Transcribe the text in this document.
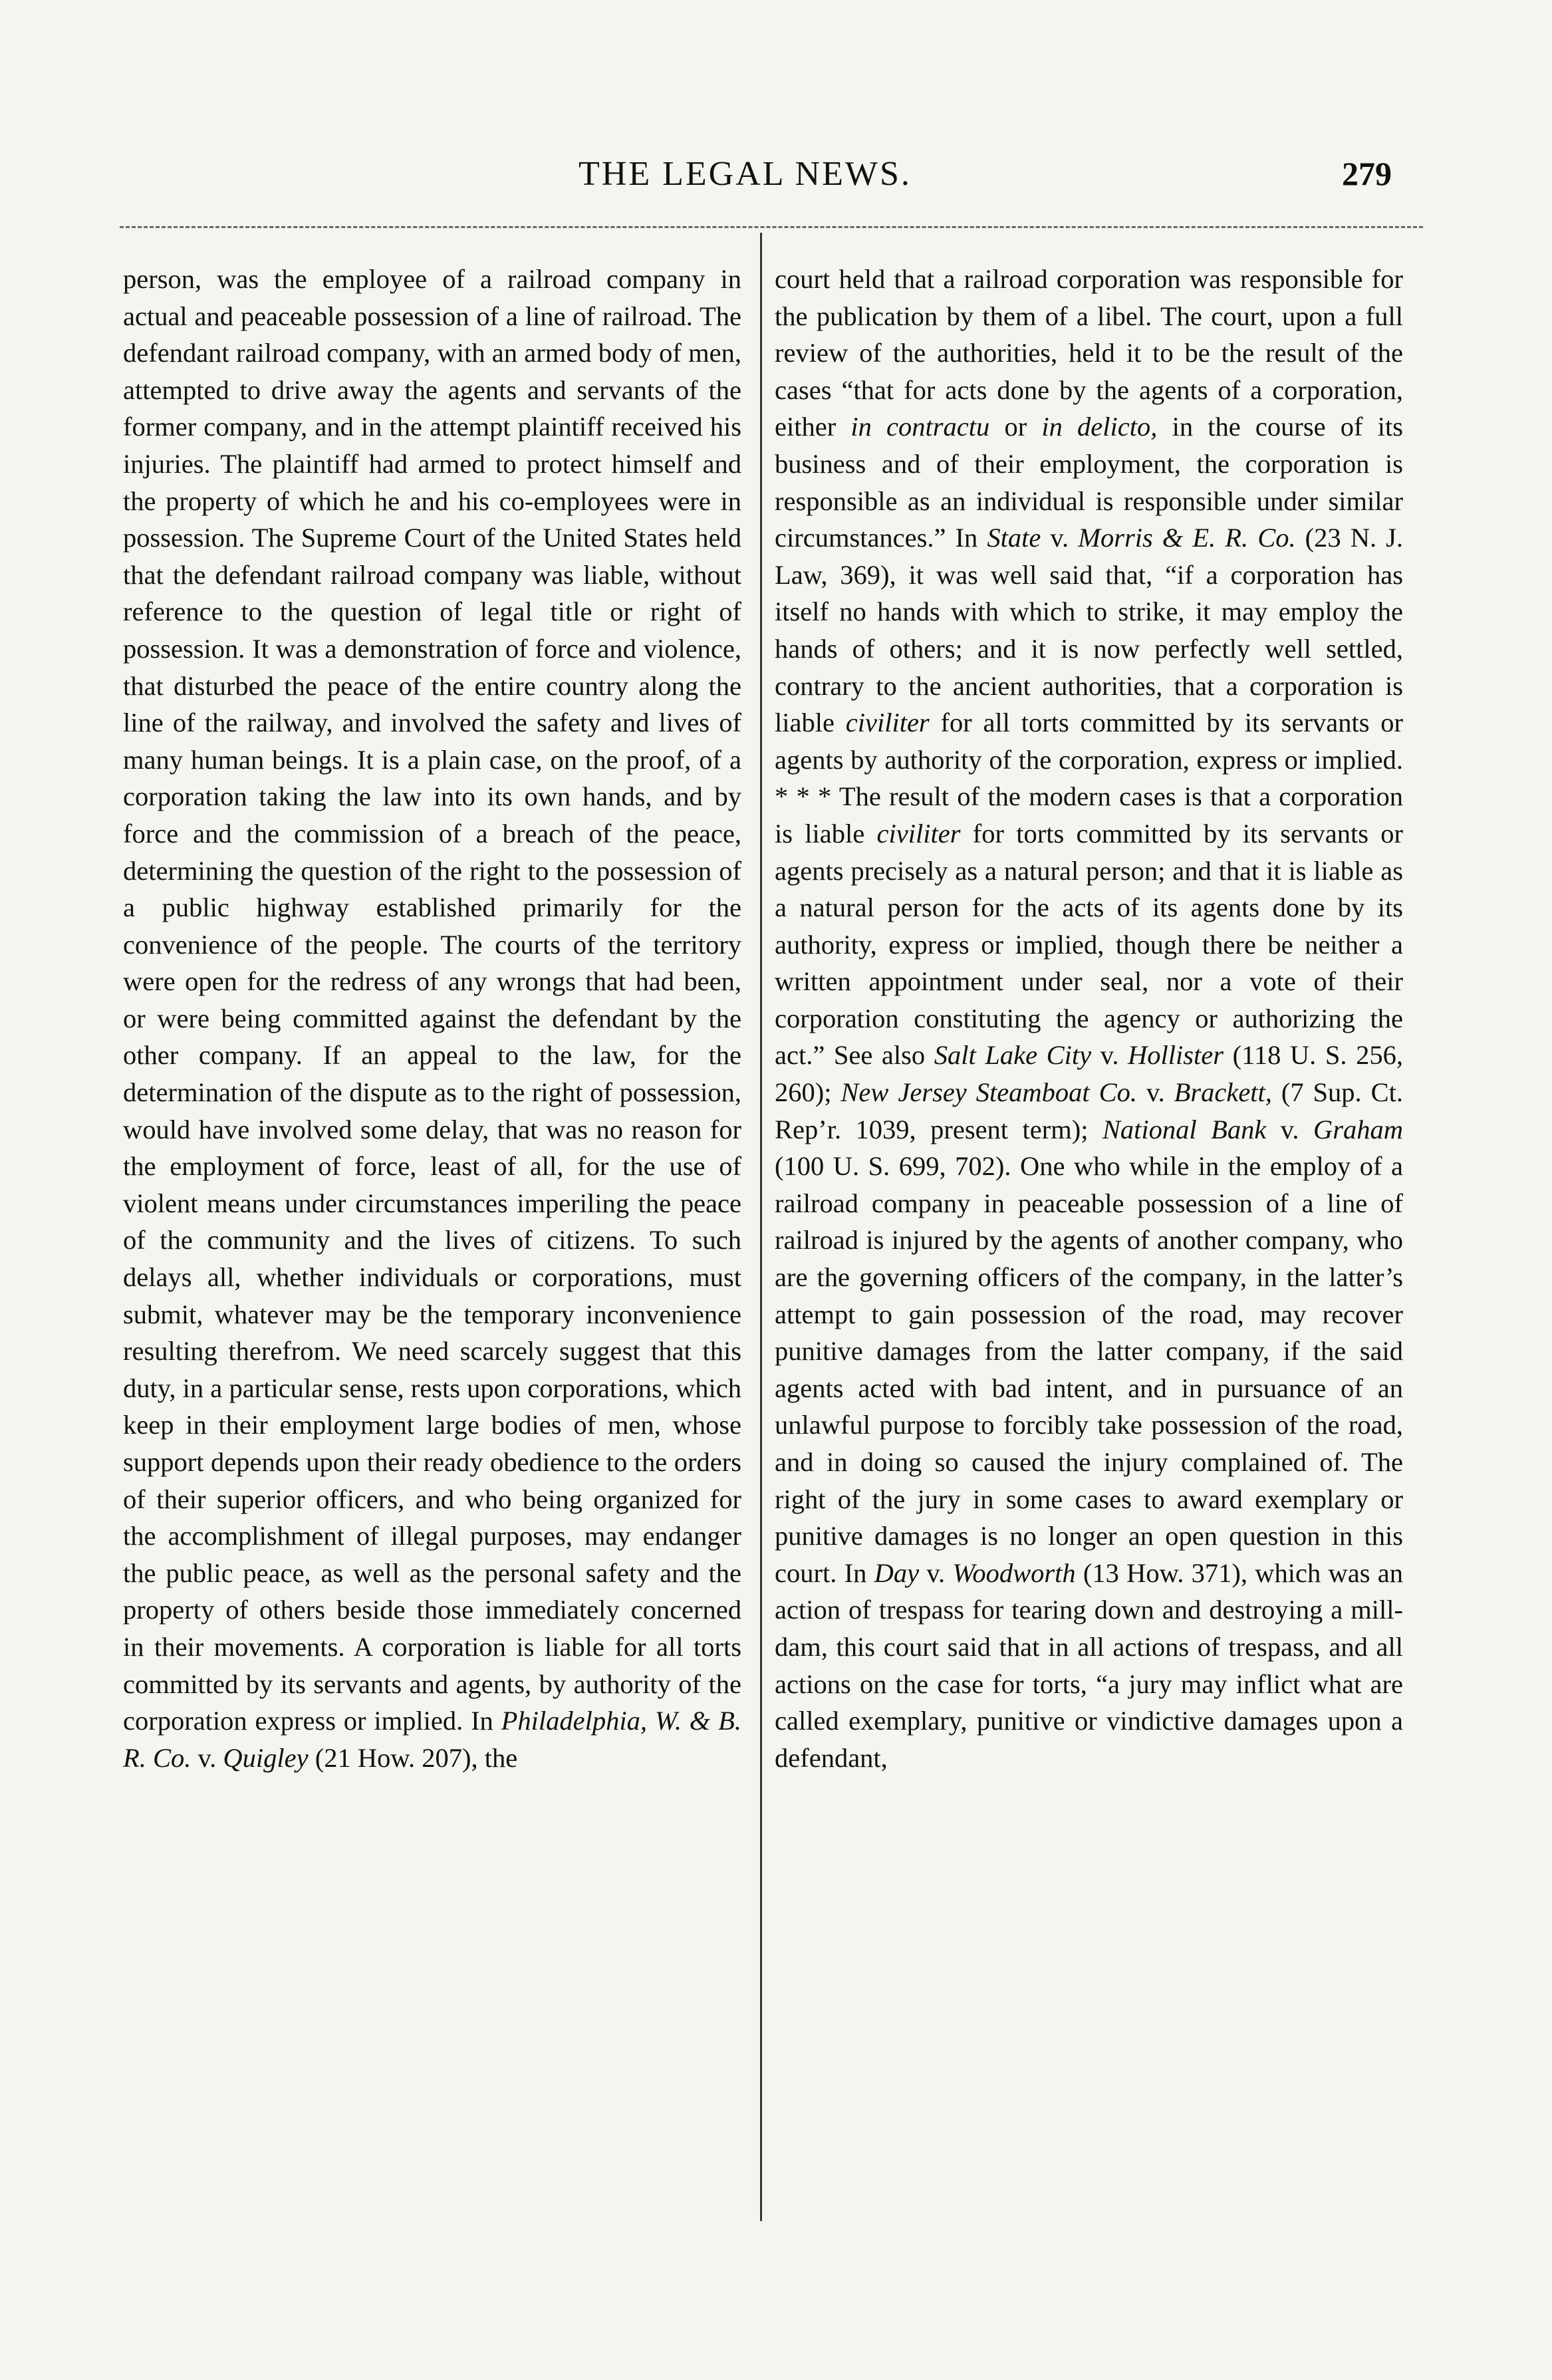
THE LEGAL NEWS.	279

person, was the employee of a railroad company in actual and peaceable possession of a line of railroad. The defendant railroad company, with an armed body of men, attempted to drive away the agents and servants of the former company, and in the attempt plaintiff received his injuries. The plaintiff had armed to protect himself and the property of which he and his co-employees were in possession. The Supreme Court of the United States held that the defendant railroad company was liable, without reference to the question of legal title or right of possession. It was a demonstration of force and violence, that disturbed the peace of the entire country along the line of the railway, and involved the safety and lives of many human beings. It is a plain case, on the proof, of a corporation taking the law into its own hands, and by force and the commission of a breach of the peace, determining the question of the right to the possession of a public highway established primarily for the convenience of the people. The courts of the territory were open for the redress of any wrongs that had been, or were being committed against the defendant by the other company. If an appeal to the law, for the determination of the dispute as to the right of possession, would have involved some delay, that was no reason for the employment of force, least of all, for the use of violent means under circumstances imperiling the peace of the community and the lives of citizens. To such delays all, whether individuals or corporations, must submit, whatever may be the temporary inconvenience resulting therefrom. We need scarcely suggest that this duty, in a particular sense, rests upon corporations, which keep in their employment large bodies of men, whose support depends upon their ready obedience to the orders of their superior officers, and who being organized for the accomplishment of illegal purposes, may endanger the public peace, as well as the personal safety and the property of others beside those immediately concerned in their movements. A corporation is liable for all torts committed by its servants and agents, by authority of the corporation express or implied. In Philadelphia, W. & B. R. Co. v. Quigley (21 How. 207), the

court held that a railroad corporation was responsible for the publication by them of a libel. The court, upon a full review of the authorities, held it to be the result of the cases “that for acts done by the agents of a corporation, either in contractu or in delicto, in the course of its business and of their employment, the corporation is responsible as an individual is responsible under similar circumstances.” In State v. Morris & E. R. Co. (23 N. J. Law, 369), it was well said that, “if a corporation has itself no hands with which to strike, it may employ the hands of others; and it is now perfectly well settled, contrary to the ancient authorities, that a corporation is liable civiliter for all torts committed by its servants or agents by authority of the corporation, express or implied. * * * The result of the modern cases is that a corporation is liable civiliter for torts committed by its servants or agents precisely as a natural person; and that it is liable as a natural person for the acts of its agents done by its authority, express or implied, though there be neither a written appointment under seal, nor a vote of their corporation constituting the agency or authorizing the act.” See also Salt Lake City v. Hollister (118 U. S. 256, 260); New Jersey Steamboat Co. v. Brackett, (7 Sup. Ct. Rep’r. 1039, present term); National Bank v. Graham (100 U. S. 699, 702). One who while in the employ of a railroad company in peaceable possession of a line of railroad is injured by the agents of another company, who are the governing officers of the company, in the latter’s attempt to gain possession of the road, may recover punitive damages from the latter company, if the said agents acted with bad intent, and in pursuance of an unlawful purpose to forcibly take possession of the road, and in doing so caused the injury complained of. The right of the jury in some cases to award exemplary or punitive damages is no longer an open question in this court. In Day v. Woodworth (13 How. 371), which was an action of trespass for tearing down and destroying a mill-dam, this court said that in all actions of trespass, and all actions on the case for torts, “a jury may inflict what are called exemplary, punitive or vindictive damages upon a defendant,
